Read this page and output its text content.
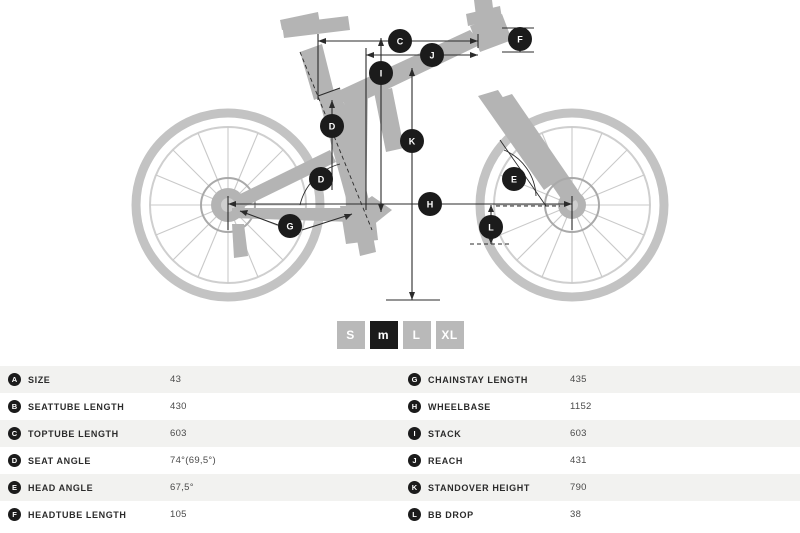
C	F
J
I
D
K
D	E
H
L
G
S	m	L	XL
A	SIZE	43
B	SEATTUBE LENGTH	430
C	TOPTUBE LENGTH	603
D	SEAT ANGLE	74°(69,5°)
E	HEAD ANGLE	67,5°
F	HEADTUBE LENGTH	105
G	CHAINSTAY LENGTH	435
H	WHEELBASE	1152
I	STACK	603
J	REACH	431
K	STANDOVER HEIGHT	790
L	BB DROP	38
